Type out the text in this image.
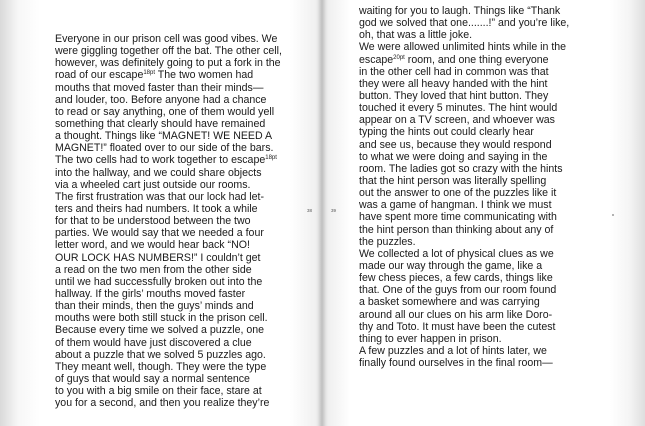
Everyone in our prison cell was good vibes. We
were giggling together off the bat. The other cell,
however, was definitely going to put a fork in the
road of our escape$^{18pt}$ The two women had
mouths that moved faster than their minds—
and louder, too. Before anyone had a chance
to read or say anything, one of them would yell
something that clearly should have remained
a thought. Things like “MAGNET! WE NEED A
MAGNET!” floated over to our side of the bars.
The two cells had to work together to escape$^{18pt}$
into the hallway, and we could share objects
via a wheeled cart just outside our rooms.
The first frustration was that our lock had let-
ters and theirs had numbers. It took a while
for that to be understood between the two
parties. We would say that we needed a four
letter word, and we would hear back “NO!
OUR LOCK HAS NUMBERS!” I couldn’t get
a read on the two men from the other side
until we had successfully broken out into the
hallway. If the girls’ mouths moved faster
than their minds, then the guys’ minds and
mouths were both still stuck in the prison cell.
Because every time we solved a puzzle, one
of them would have just discovered a clue
about a puzzle that we solved 5 puzzles ago.
They meant well, though. They were the type
of guys that would say a normal sentence
to you with a big smile on their face, stare at
you for a second, and then you realize they’re
38	39
waiting for you to laugh. Things like “Thank
god we solved that one.......!” and you’re like,
oh, that was a little joke.
We were allowed unlimited hints while in the
escape$^{20pt}$ room, and one thing everyone
in the other cell had in common was that
they were all heavy handed with the hint
button. They loved that hint button. They
touched it every 5 minutes. The hint would
appear on a TV screen, and whoever was
typing the hints out could clearly hear
and see us, because they would respond
to what we were doing and saying in the
room. The ladies got so crazy with the hints
that the hint person was literally spelling
out the answer to one of the puzzles like it
was a game of hangman. I think we must
have spent more time communicating with
the hint person than thinking about any of
the puzzles.
We collected a lot of physical clues as we
made our way through the game, like a
few chess pieces, a few cards, things like
that. One of the guys from our room found
a basket somewhere and was carrying
around all our clues on his arm like Doro-
thy and Toto. It must have been the cutest
thing to ever happen in prison.
A few puzzles and a lot of hints later, we
finally found ourselves in the final room—
